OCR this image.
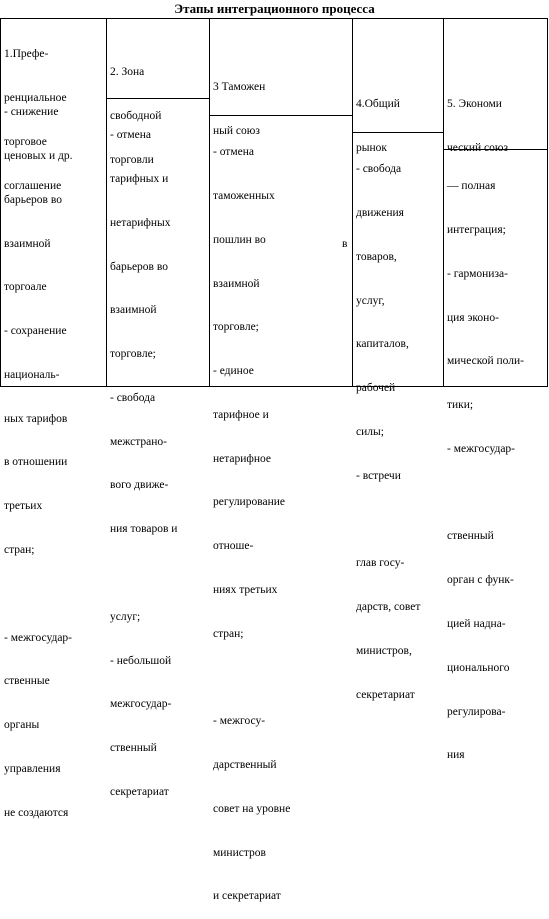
Этапы интеграционного процесса

1.Префе-

ренциальное

торговое

соглашение

- снижение

ценовых и др.

барьеров во

взаимной

торгоале

- сохранение

националь-

ных тарифов

в отношении

третьих

стран;

- межгосудар-

ственные

органы

управления

не создаются

2. Зона

свободной

торговли

- отмена

тарифных и

нетарифных

барьеров во

взаимной

торговле;

- свобода

межстрано-

вого движе-

ния товаров и

услуг;

- небольшой

межгосудар-

ственный

секретариат

3 Таможен

ный союз

- отмена

таможенных

пошлин во

взаимной

торговле;

- единое

тарифное и

нетарифное

регулирование

отноше-

ниях третьих

стран;

- межгосу-

дарственный

совет на уровне

министров

и секретариат

в

4.Общий

рынок

- свобода

движения

товаров,

услуг,

капиталов,

рабочей

силы;

- встречи

глав госу-

дарств, совет

министров,

секретариат

5. Экономи

ческий союз

— полная

интеграция;

- гармониза-

ция эконо-

мической поли-

тики;

- межгосудар-

ственный

орган с функ-

цией надна-

ционального

регулирова-

ния
